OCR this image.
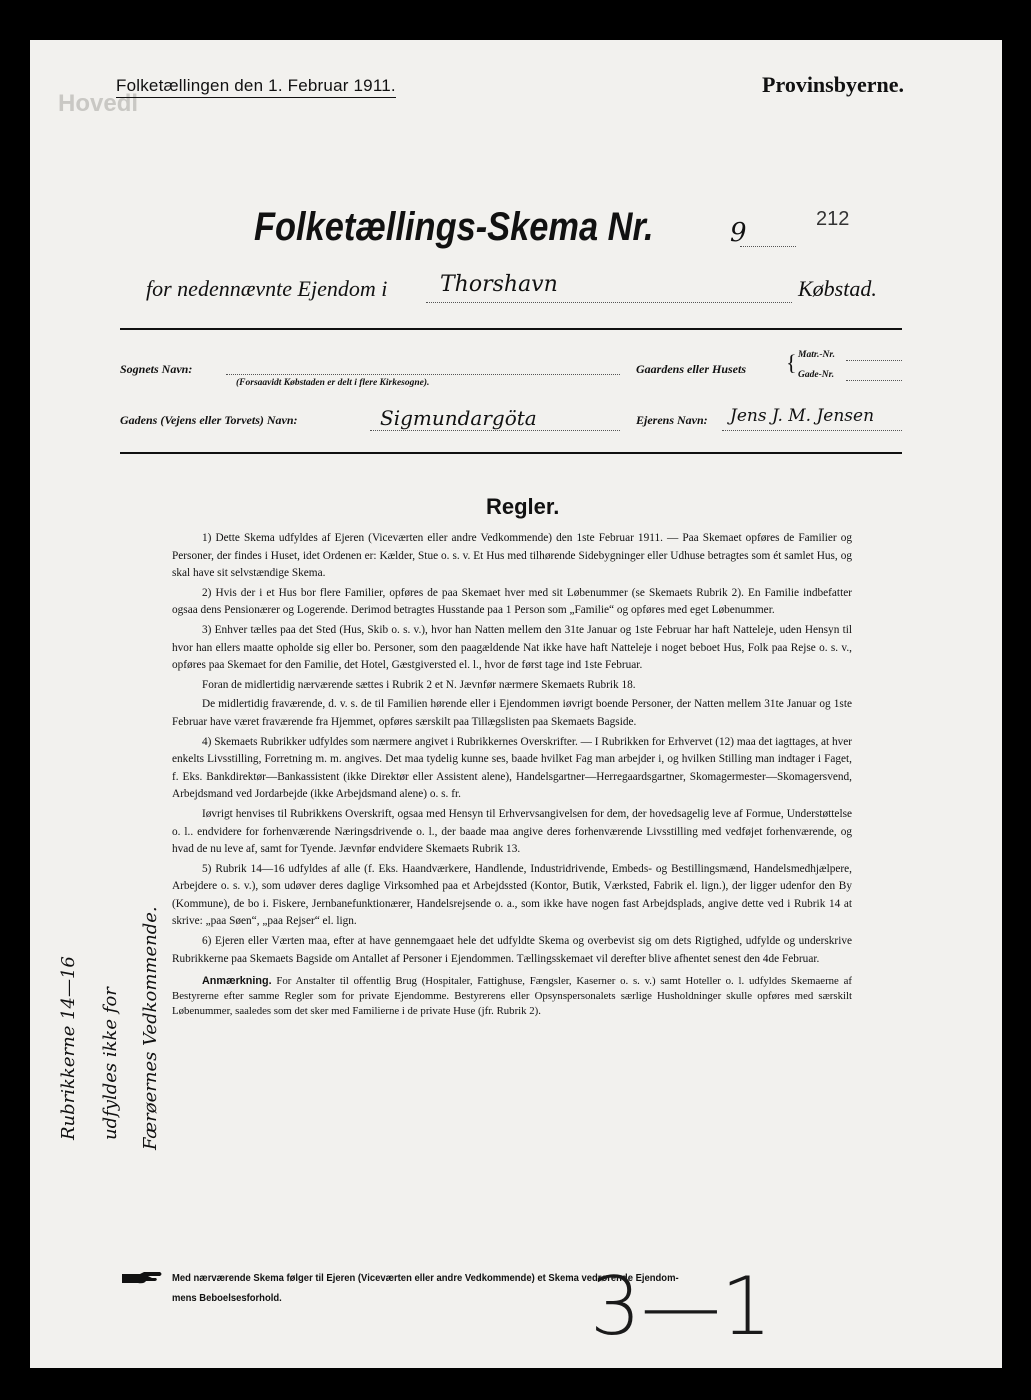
Hovedl
Folketællingen den 1. Februar 1911.	Provinsbyerne.
Folketællings-Skema Nr.	9	212
for nedennævnte Ejendom i Thorshavn	Købstad.
Sognets Navn:
(Forsaavidt Købstaden er delt i flere Kirkesogne).
Gaardens eller Husets { Matr.-Nr.
Gade-Nr.
Gadens (Vejens eller Torvets) Navn:	Sigmundargöta	Ejerens Navn: Jens J. M. Jensen
Regler.

1) Dette Skema udfyldes af Ejeren (Viceværten eller andre Vedkommende) den 1ste Februar 1911. — Paa Skemaet opføres de Familier og Personer, der findes i Huset, idet Ordenen er: Kælder, Stue o. s. v. Et Hus med tilhørende Sidebygninger eller Udhuse betragtes som ét samlet Hus, og skal have sit selvstændige Skema.

2) Hvis der i et Hus bor flere Familier, opføres de paa Skemaet hver med sit Løbenummer (se Skemaets Rubrik 2). En Familie indbefatter ogsaa dens Pensionærer og Logerende. Derimod betragtes Husstande paa 1 Person som „Familie“ og opføres med eget Løbenummer.

3) Enhver tælles paa det Sted (Hus, Skib o. s. v.), hvor han Natten mellem den 31te Januar og 1ste Februar har haft Natteleje, uden Hensyn til hvor han ellers maatte opholde sig eller bo. Personer, som den paagældende Nat ikke have haft Natteleje i noget beboet Hus, Folk paa Rejse o. s. v., opføres paa Skemaet for den Familie, det Hotel, Gæstgiversted el. l., hvor de først tage ind 1ste Februar.

Foran de midlertidig nærværende sættes i Rubrik 2 et N. Jævnfør nærmere Skemaets Rubrik 18.

De midlertidig fraværende, d. v. s. de til Familien hørende eller i Ejendommen iøvrigt boende Personer, der Natten mellem 31te Januar og 1ste Februar have været fraværende fra Hjemmet, opføres særskilt paa Tillægslisten paa Skemaets Bagside.

4) Skemaets Rubrikker udfyldes som nærmere angivet i Rubrikkernes Overskrifter. — I Rubrikken for Erhvervet (12) maa det iagttages, at hver enkelts Livsstilling, Forretning m. m. angives. Det maa tydelig kunne ses, baade hvilket Fag man arbejder i, og hvilken Stilling man indtager i Faget, f. Eks. Bankdirektør—Bankassistent (ikke Direktør eller Assistent alene), Handelsgartner—Herregaardsgartner, Skomagermester—Skomagersvend, Arbejdsmand ved Jordarbejde (ikke Arbejdsmand alene) o. s. fr.

Iøvrigt henvises til Rubrikkens Overskrift, ogsaa med Hensyn til Erhvervsangivelsen for dem, der hovedsagelig leve af Formue, Understøttelse o. l.. endvidere for forhenværende Næringsdrivende o. l., der baade maa angive deres forhenværende Livsstilling med vedføjet forhenværende, og hvad de nu leve af, samt for Tyende. Jævnfør endvidere Skemaets Rubrik 13.

5) Rubrik 14—16 udfyldes af alle (f. Eks. Haandværkere, Handlende, Industridrivende, Embeds- og Bestillingsmænd, Handelsmedhjælpere, Arbejdere o. s. v.), som udøver deres daglige Virksomhed paa et Arbejdssted (Kontor, Butik, Værksted, Fabrik el. lign.), der ligger udenfor den By (Kommune), de bo i. Fiskere, Jernbanefunktionærer, Handelsrejsende o. a., som ikke have nogen fast Arbejdsplads, angive dette ved i Rubrik 14 at skrive: „paa Søen“, „paa Rejser“ el. lign.

6) Ejeren eller Værten maa, efter at have gennemgaaet hele det udfyldte Skema og overbevist sig om dets Rigtighed, udfylde og underskrive Rubrikkerne paa Skemaets Bagside om Antallet af Personer i Ejendommen. Tællingsskemaet vil derefter blive afhentet senest den 4de Februar.

Anmærkning. For Anstalter til offentlig Brug (Hospitaler, Fattighuse, Fængsler, Kaserner o. s. v.) samt Hoteller o. l. udfyldes Skemaerne af Bestyrerne efter samme Regler som for private Ejendomme. Bestyrerens eller Opsynspersonalets særlige Husholdninger skulle opføres med særskilt Løbenummer, saaledes som det sker med Familierne i de private Huse (jfr. Rubrik 2).

Rubrikkerne 14—16 udfyldes ikke for Færøernes Vedkommende.
Med nærværende Skema følger til Ejeren (Viceværten eller andre Vedkommende) et Skema vedrørende Ejendom-
mens Beboelsesforhold.	3—1
